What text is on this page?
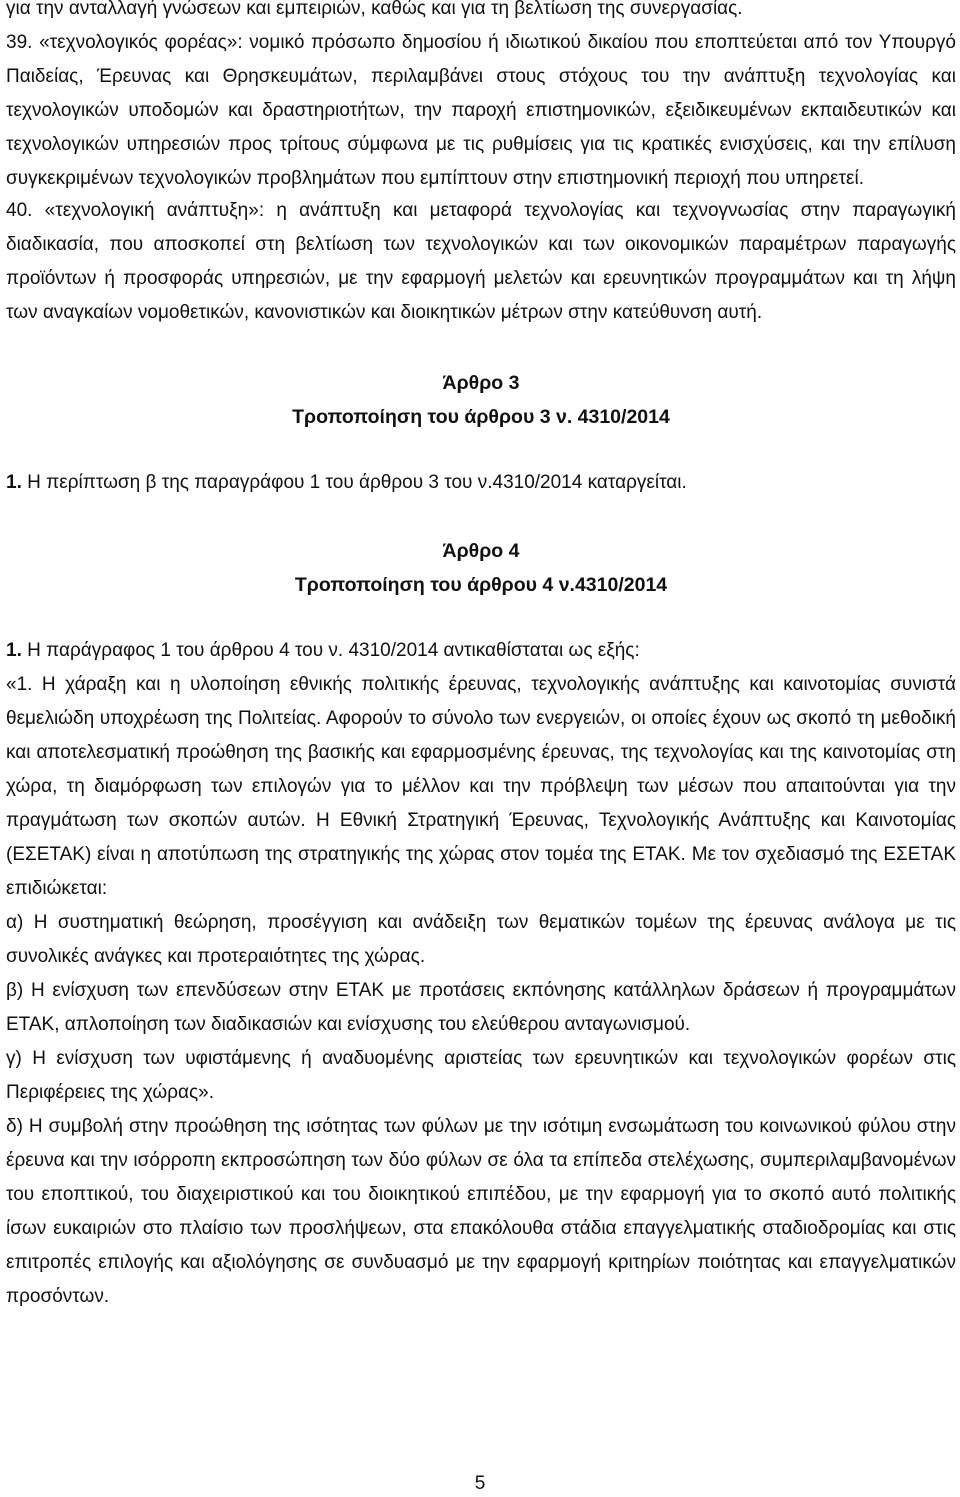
για την ανταλλαγή γνώσεων και εμπειριών, καθώς και για τη βελτίωση της συνεργασίας.

39. «τεχνολογικός φορέας»: νομικό πρόσωπο δημοσίου ή ιδιωτικού δικαίου που εποπτεύεται από τον Υπουργό Παιδείας, Έρευνας και Θρησκευμάτων, περιλαμβάνει στους στόχους του την ανάπτυξη τεχνολογίας και τεχνολογικών υποδομών και δραστηριοτήτων, την παροχή επιστημονικών, εξειδικευμένων εκπαιδευτικών και τεχνολογικών υπηρεσιών προς τρίτους σύμφωνα με τις ρυθμίσεις για τις κρατικές ενισχύσεις, και την επίλυση συγκεκριμένων τεχνολογικών προβλημάτων που εμπίπτουν στην επιστημονική περιοχή που υπηρετεί.

40. «τεχνολογική ανάπτυξη»: η ανάπτυξη και μεταφορά τεχνολογίας και τεχνογνωσίας στην παραγωγική διαδικασία, που αποσκοπεί στη βελτίωση των τεχνολογικών και των οικονομικών παραμέτρων παραγωγής προϊόντων ή προσφοράς υπηρεσιών, με την εφαρμογή μελετών και ερευνητικών προγραμμάτων και τη λήψη των αναγκαίων νομοθετικών, κανονιστικών και διοικητικών μέτρων στην κατεύθυνση αυτή.

Άρθρο 3

Τροποποίηση του άρθρου 3 ν. 4310/2014

1. Η περίπτωση β της παραγράφου 1 του άρθρου 3 του ν.4310/2014 καταργείται.

Άρθρο 4

Τροποποίηση του άρθρου 4 ν.4310/2014

1. Η παράγραφος 1 του άρθρου 4 του ν. 4310/2014 αντικαθίσταται ως εξής:

«1. Η χάραξη και η υλοποίηση εθνικής πολιτικής έρευνας, τεχνολογικής ανάπτυξης και καινοτομίας συνιστά θεμελιώδη υποχρέωση της Πολιτείας. Αφορούν το σύνολο των ενεργειών, οι οποίες έχουν ως σκοπό τη μεθοδική και αποτελεσματική προώθηση της βασικής και εφαρμοσμένης έρευνας, της τεχνολογίας και της καινοτομίας στη χώρα, τη διαμόρφωση των επιλογών για το μέλλον και την πρόβλεψη των μέσων που απαιτούνται για την πραγμάτωση των σκοπών αυτών. Η Εθνική Στρατηγική Έρευνας, Τεχνολογικής Ανάπτυξης και Καινοτομίας (ΕΣΕΤΑΚ) είναι η αποτύπωση της στρατηγικής της χώρας στον τομέα της ΕΤΑΚ. Με τον σχεδιασμό της ΕΣΕΤΑΚ επιδιώκεται:

α) Η συστηματική θεώρηση, προσέγγιση και ανάδειξη των θεματικών τομέων της έρευνας ανάλογα με τις συνολικές ανάγκες και προτεραιότητες της χώρας.

β) Η ενίσχυση των επενδύσεων στην ΕΤΑΚ με προτάσεις εκπόνησης κατάλληλων δράσεων ή προγραμμάτων ΕΤΑΚ, απλοποίηση των διαδικασιών και ενίσχυσης του ελεύθερου ανταγωνισμού.

γ) Η ενίσχυση των υφιστάμενης ή αναδυομένης αριστείας των ερευνητικών και τεχνολογικών φορέων στις Περιφέρειες της χώρας».

δ) Η συμβολή στην προώθηση της ισότητας των φύλων με την ισότιμη ενσωμάτωση του κοινωνικού φύλου στην έρευνα και την ισόρροπη εκπροσώπηση των δύο φύλων σε όλα τα επίπεδα στελέχωσης, συμπεριλαμβανομένων του εποπτικού, του διαχειριστικού και του διοικητικού επιπέδου, με την εφαρμογή για το σκοπό αυτό πολιτικής ίσων ευκαιριών στο πλαίσιο των προσλήψεων, στα επακόλουθα στάδια επαγγελματικής σταδιοδρομίας και στις επιτροπές επιλογής και αξιολόγησης σε συνδυασμό με την εφαρμογή κριτηρίων ποιότητας και επαγγελματικών προσόντων.

5
